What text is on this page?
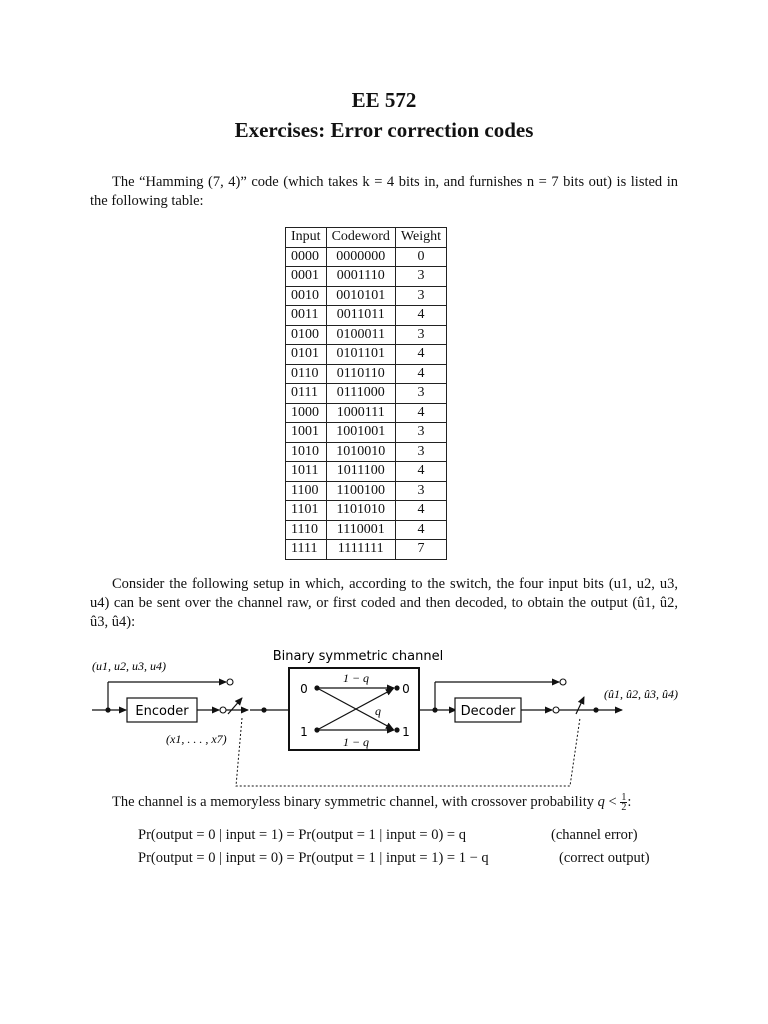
EE 572
Exercises: Error correction codes
The “Hamming (7, 4)” code (which takes k = 4 bits in, and furnishes n = 7 bits out) is listed in the following table:
Input	Codeword	Weight
0000	0000000	0
0001	0001110	3
0010	0010101	3
0011	0011011	4
0100	0100011	3
0101	0101101	4
0110	0110110	4
0111	0111000	3
1000	1000111	4
1001	1001001	3
1010	1010010	3
1011	1011100	4
1100	1100100	3
1101	1101010	4
1110	1110001	4
1111	1111111	7
Consider the following setup in which, according to the switch, the four input bits (u1, u2, u3, u4) can be sent over the channel raw, or first coded and then decoded, to obtain the output (û1, û2, û3, û4):
Binary symmetric channel
(u1, u2, u3, u4)
Encoder
(x1, . . . , x7)
0
1
0
1
1 − q
1 − q
q	Decoder
(û1, û2, û3, û4)
The channel is a memoryless binary symmetric channel, with crossover probability $q < \frac{1}{2}$ :
Pr(output = 0 | input = 1) = Pr(output = 1 | input = 0) = q	(channel error)
Pr(output = 0 | input = 0) = Pr(output = 1 | input = 1) = 1 − q	(correct output)
